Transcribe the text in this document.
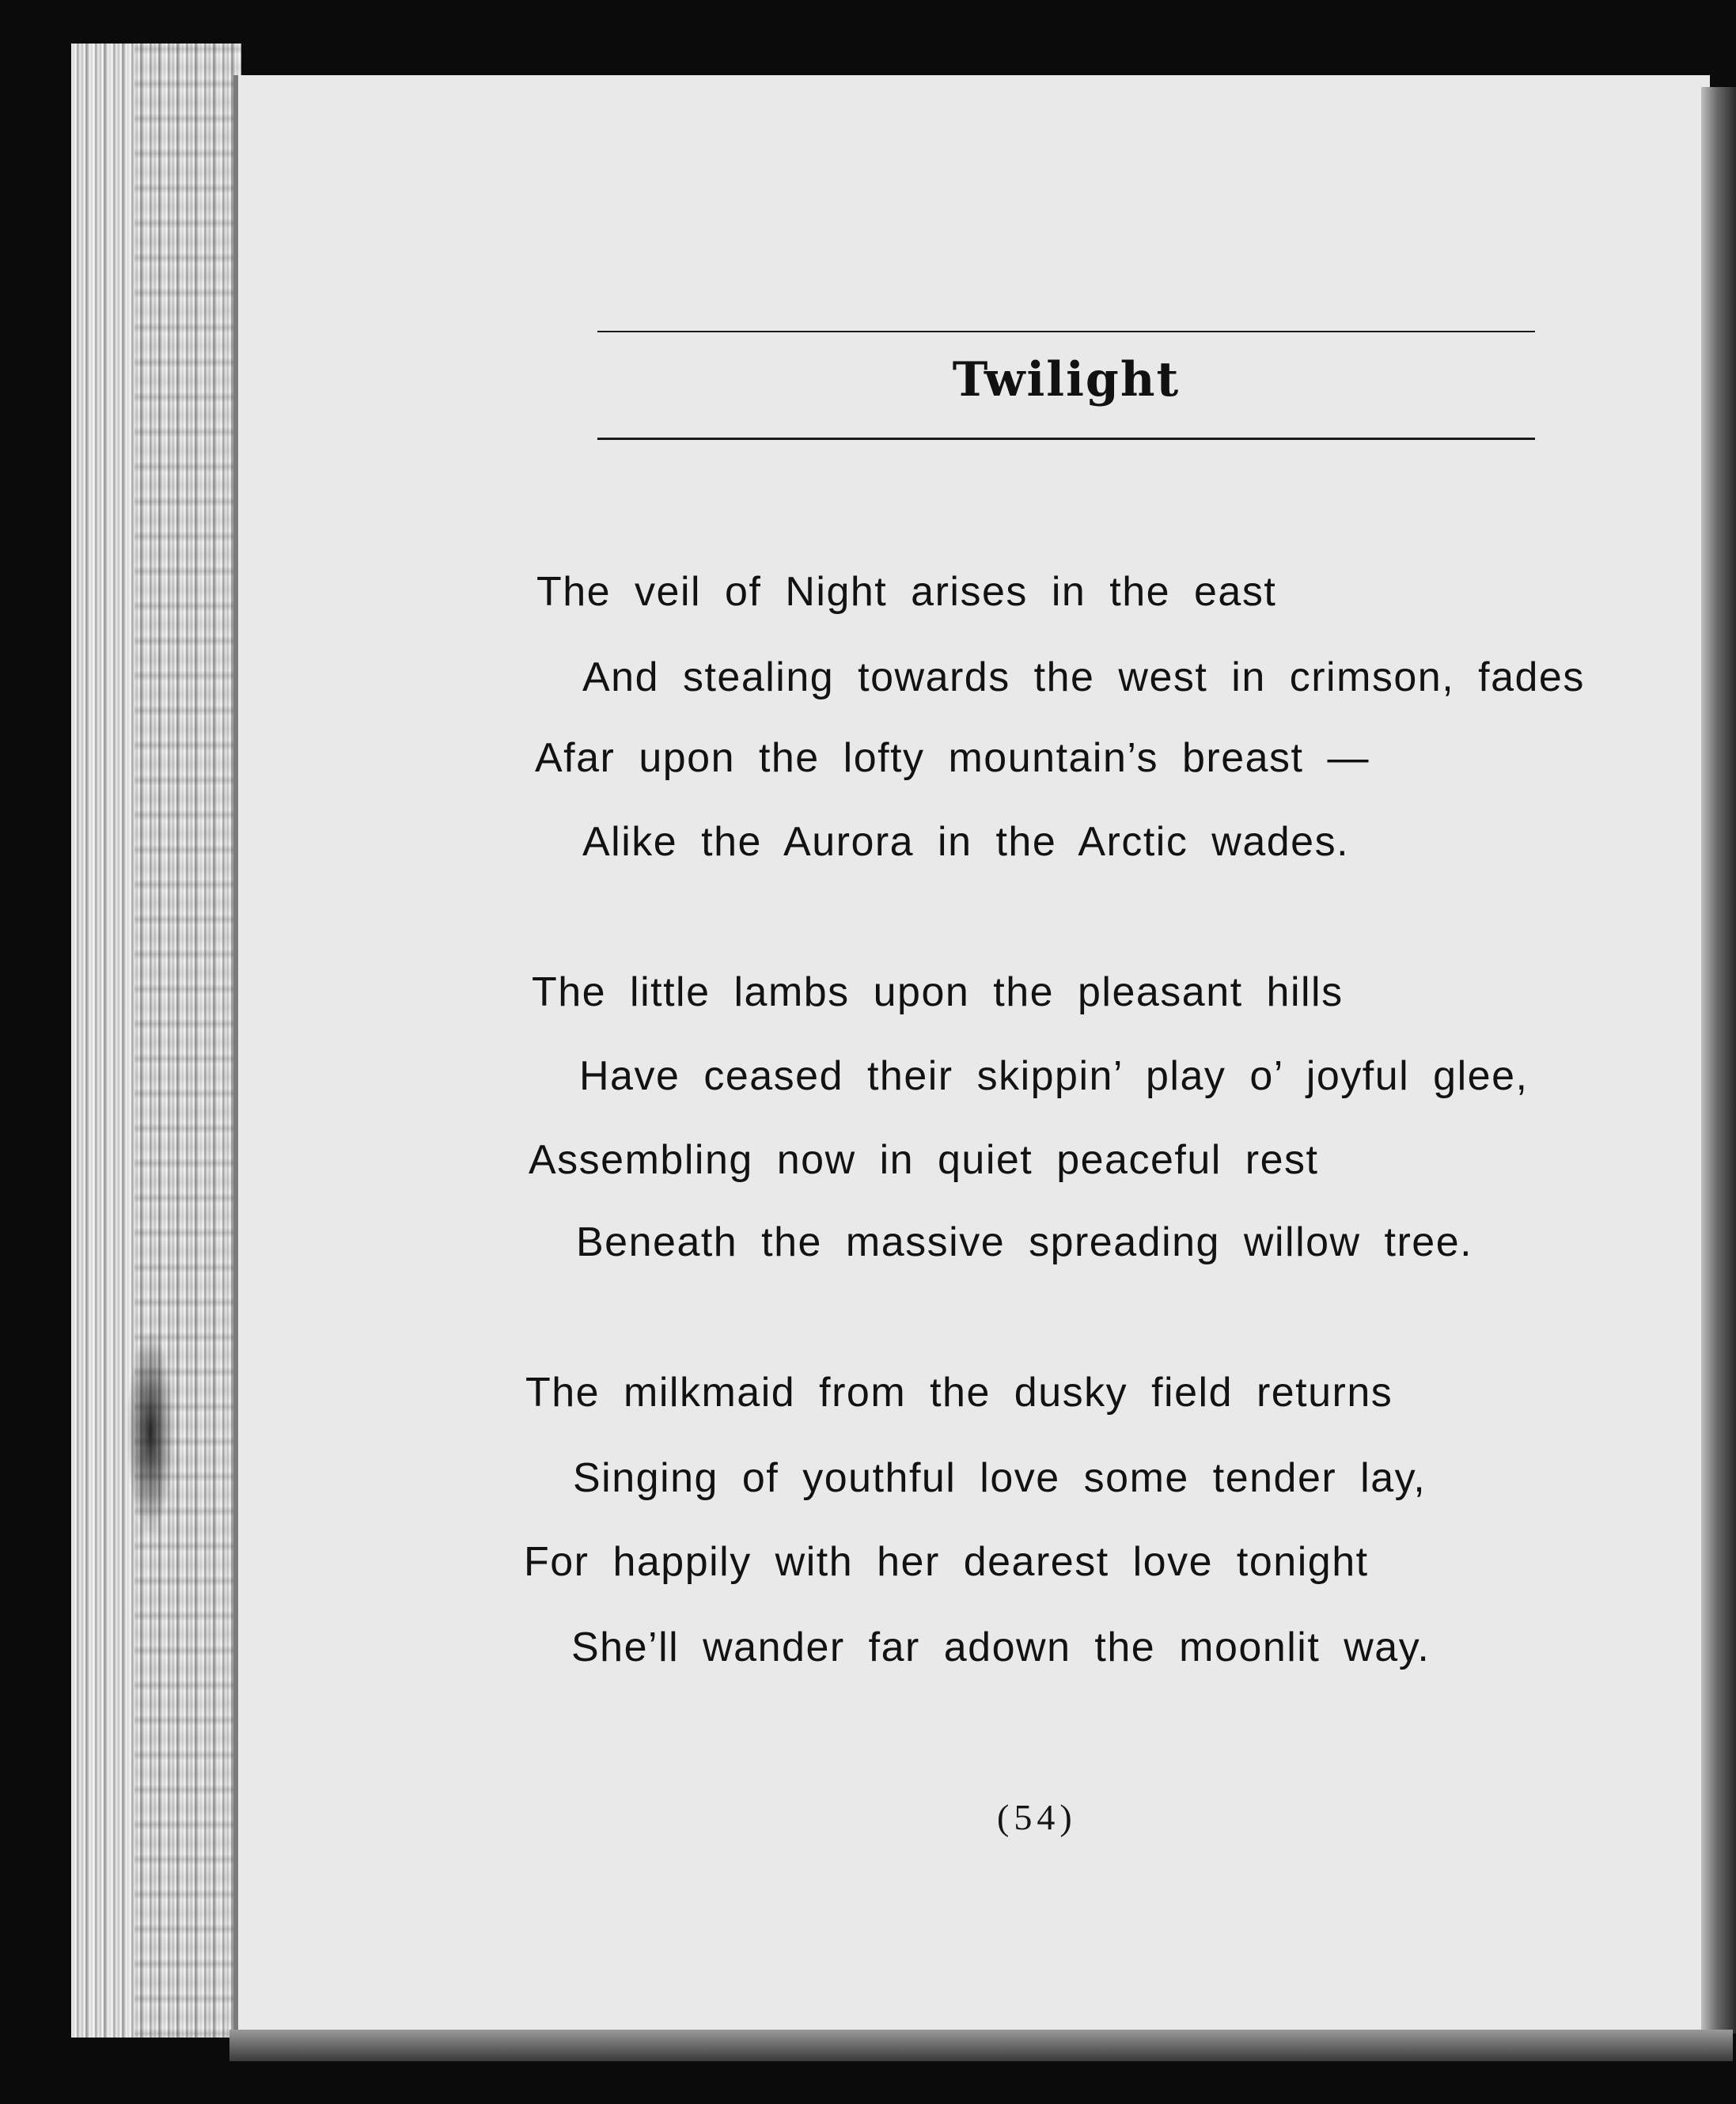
Twilight
The veil of Night arises in the east
And stealing towards the west in crimson, fades
Afar upon the lofty mountain’s breast —
Alike the Aurora in the Arctic wades.
The little lambs upon the pleasant hills
Have ceased their skippin’ play o’ joyful glee,
Assembling now in quiet peaceful rest
Beneath the massive spreading willow tree.
The milkmaid from the dusky field returns
Singing of youthful love some tender lay,
For happily with her dearest love tonight
She’ll wander far adown the moonlit way.
(54)
